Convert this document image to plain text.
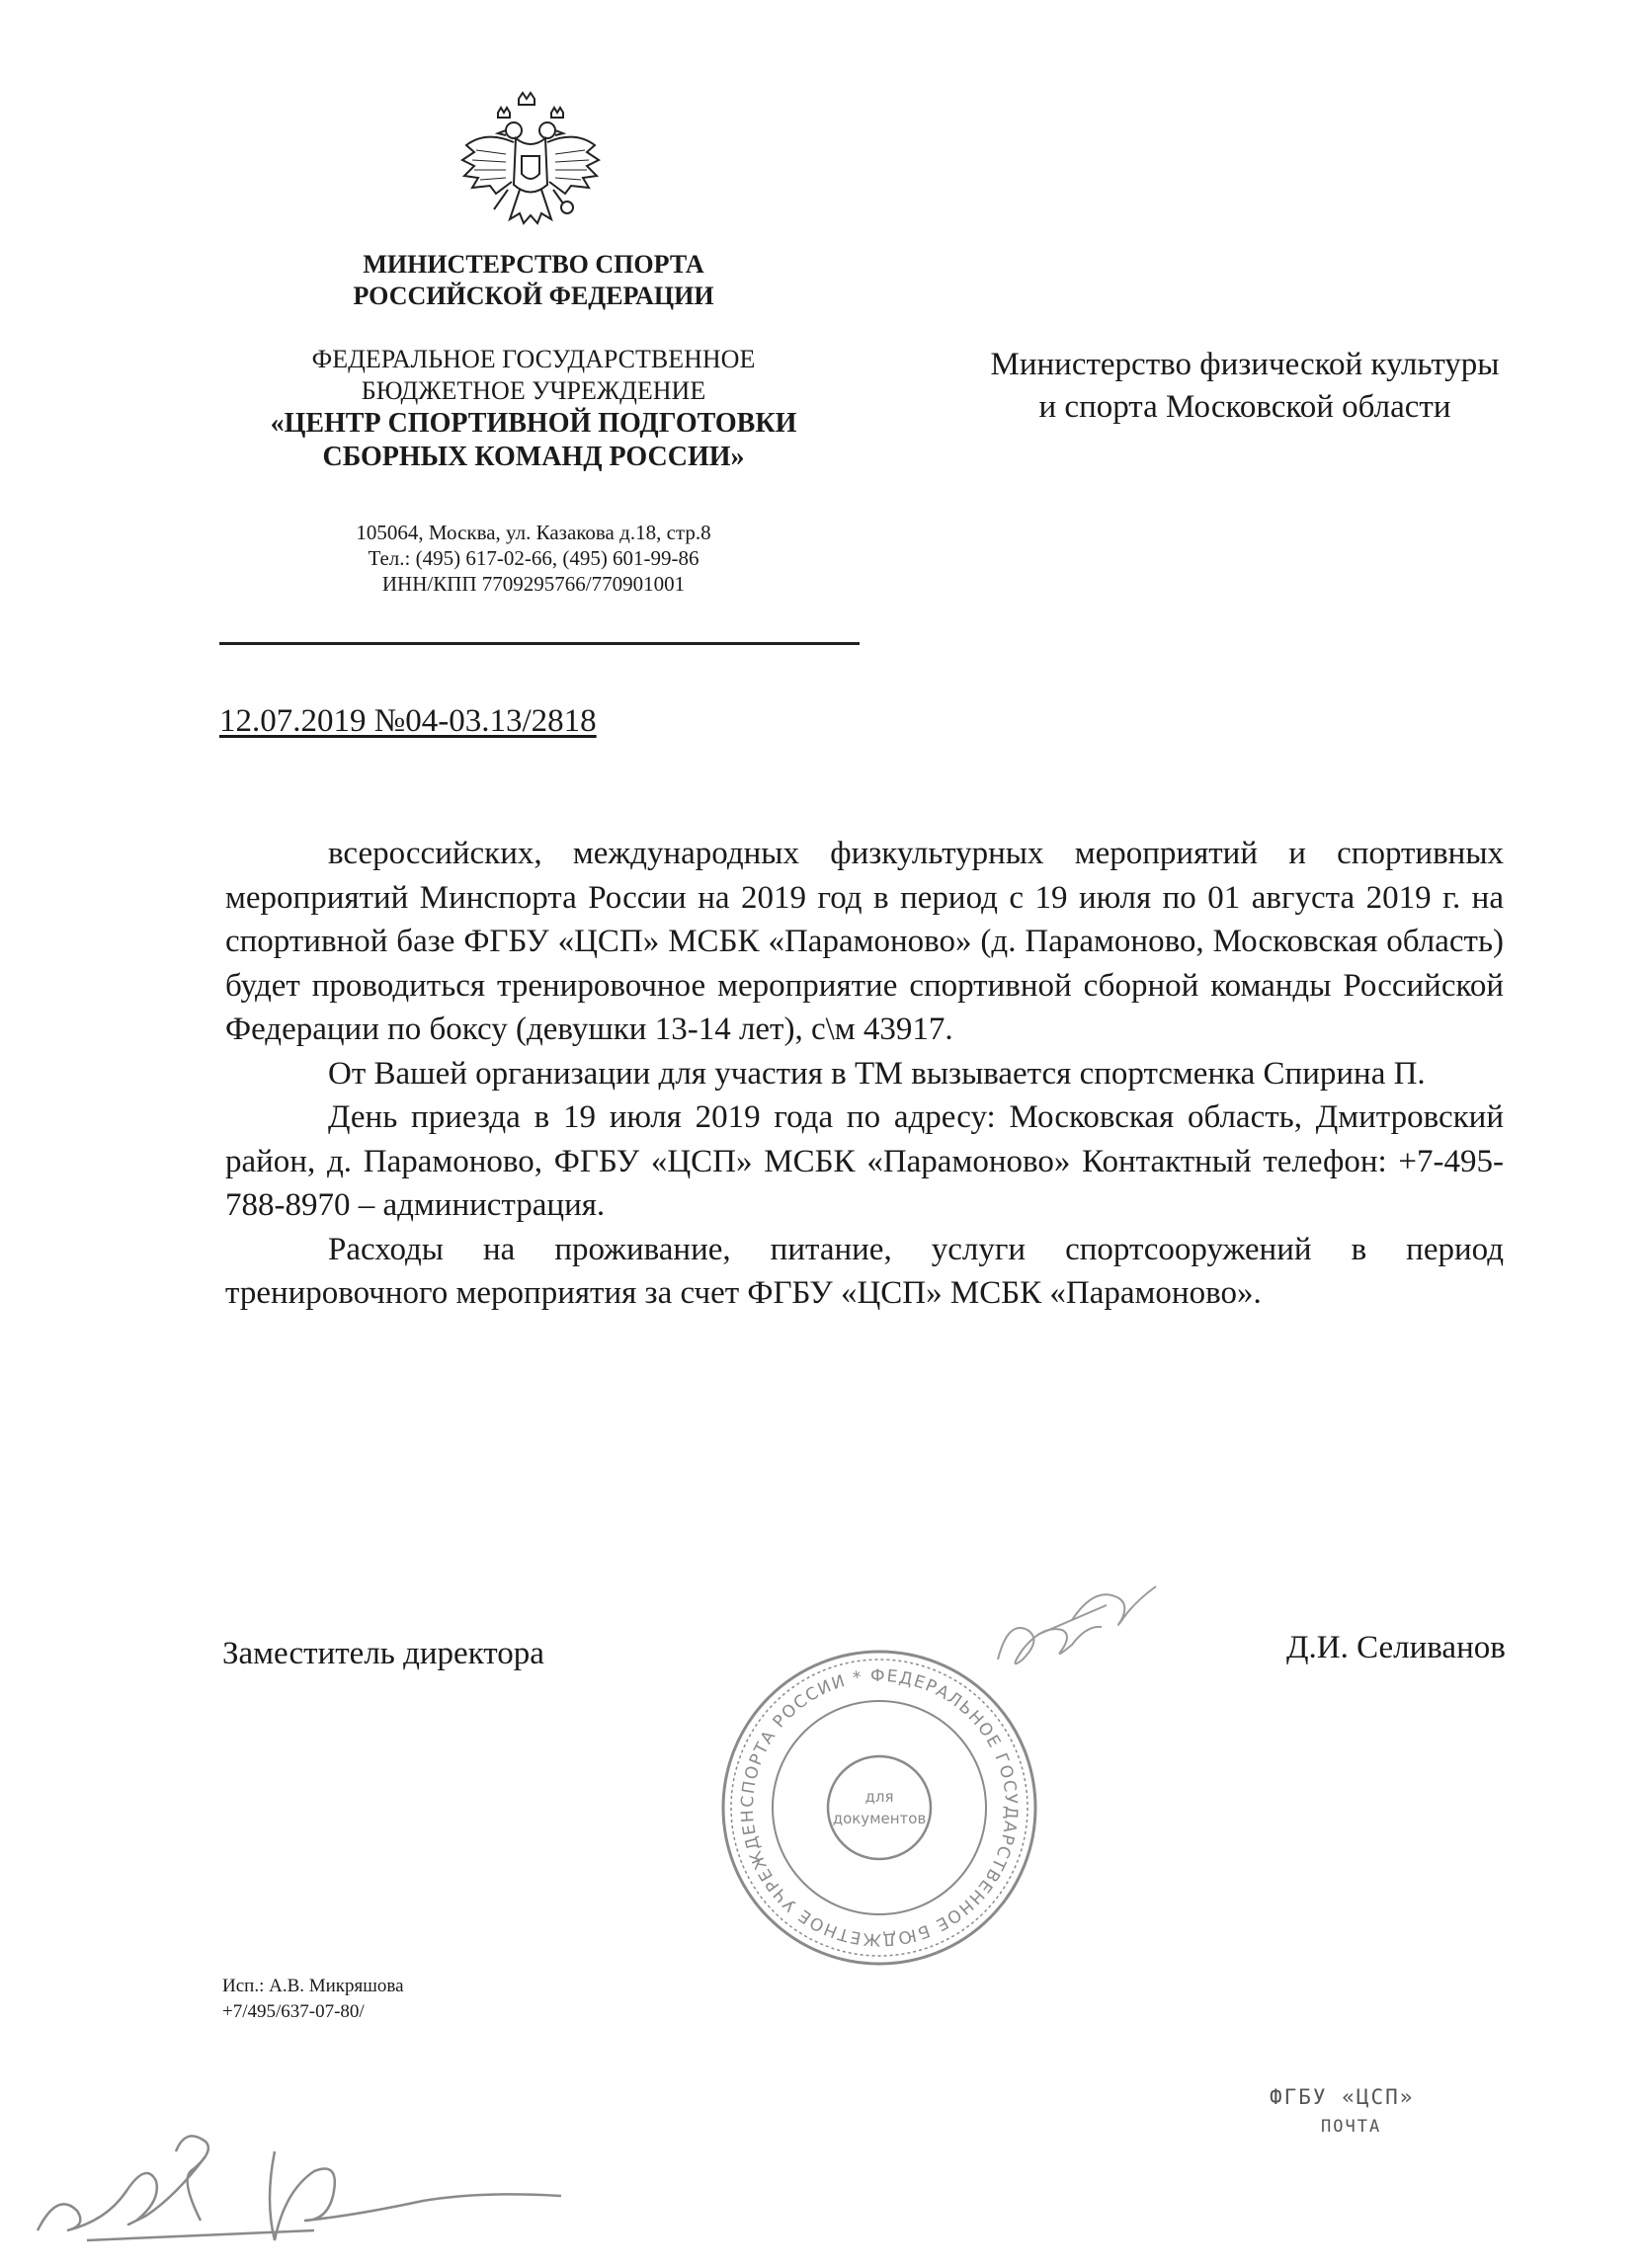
МИНИСТЕРСТВО СПОРТА
РОССИЙСКОЙ ФЕДЕРАЦИИ
ФЕДЕРАЛЬНОЕ ГОСУДАРСТВЕННОЕ
БЮДЖЕТНОЕ УЧРЕЖДЕНИЕ
«ЦЕНТР СПОРТИВНОЙ ПОДГОТОВКИ
СБОРНЫХ КОМАНД РОССИИ»
105064, Москва, ул. Казакова д.18, стр.8
Тел.: (495) 617-02-66, (495) 601-99-86
ИНН/КПП 7709295766/770901001
Министерство физической культуры
и спорта Московской области
12.07.2019 №04-03.13/2818

всероссийских, международных физкультурных мероприятий и спортивных мероприятий Минспорта России на 2019 год в период с 19 июля по 01 августа 2019 г. на спортивной базе ФГБУ «ЦСП» МСБК «Парамоново» (д. Парамоново, Московская область) будет проводиться тренировочное мероприятие спортивной сборной команды Российской Федерации по боксу (девушки 13-14 лет), с\м 43917.

От Вашей организации для участия в ТМ вызывается спортсменка Спирина П.

День приезда в 19 июля 2019 года по адресу: Московская область, Дмитровский район, д. Парамоново, ФГБУ «ЦСП» МСБК «Парамоново» Контактный телефон: +7-495-788-8970 – администрация.

Расходы на проживание, питание, услуги спортсооружений в период тренировочного мероприятия за счет ФГБУ «ЦСП» МСБК «Парамоново».

Заместитель директора	Д.И. Селиванов
СПОРТА РОССИИ * ФЕДЕРАЛЬНОЕ ГОСУДАРСТВЕННОЕ БЮДЖЕТНОЕ УЧРЕЖДЕН
для
документов
Исп.: А.В. Микряшова
+7/495/637-07-80/
ФГБУ «ЦСП»
ПОЧТА
